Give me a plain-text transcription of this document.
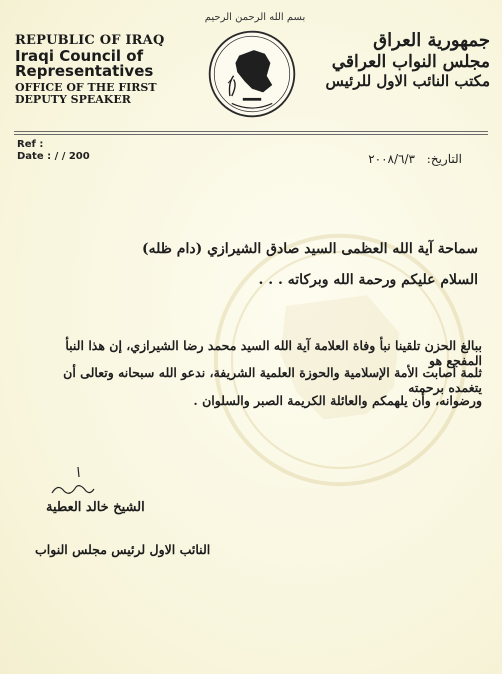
REPUBLIC OF IRAQ
Iraqi Council of
Representatives
OFFICE OF THE FIRST
DEPUTY SPEAKER
بسم الله الرحمن الرحيم
جمهورية العراق
مجلس النواب العراقي
مكتب النائب الاول للرئيس
Ref :
Date : / / 200	التاريخ: ٢٠٠٨/٦/٣
سماحة آية الله العظمى السيد صادق الشيرازي (دام ظله)
السلام عليكم ورحمة الله وبركاته . . .
ببالغ الحزن تلقينا نبأ وفاة العلامة آية الله السيد محمد رضا الشيرازي، إن هذا النبأ المفجع هو
ثلمة أصابت الأمة الإسلامية والحوزة العلمية الشريفة، ندعو الله سبحانه وتعالى أن يتغمده برحمته
ورضوانه، وأن يلهمكم والعائلة الكريمة الصبر والسلوان .
الشيخ خالد العطية
النائب الاول لرئيس مجلس النواب
